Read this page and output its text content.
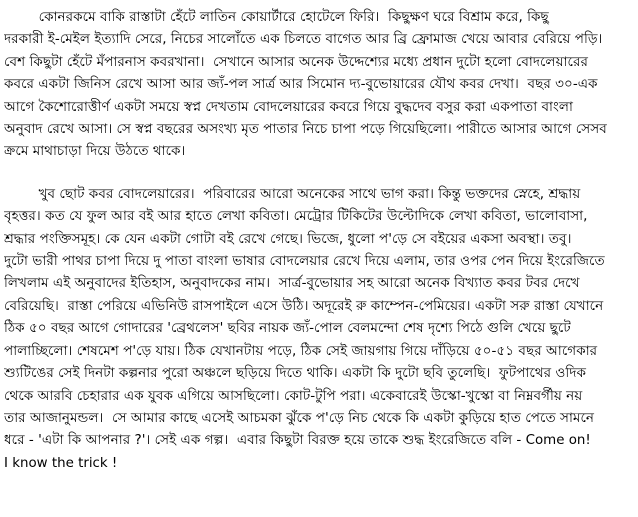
কোনরকমে বাকি রাস্তাটা হেঁটে লাতিন কোয়ার্টারে হোটেলে ফিরি।  কিছুক্ষণ ঘরে বিশ্রাম করে, কিছু
দরকারী ই-মেইল ইত্যাদি সেরে, নিচের সালোঁতে এক চিলতে বাগেত আর ব্রি ফ্রোমাজ খেয়ে আবার বেরিয়ে পড়ি।
বেশ কিছুটা হেঁটে মঁপারনাস কবরখানা।  সেখানে আসার অনেক উদ্দেশ্যের মধ্যে প্রধান দুটো হলো বোদলেয়ারের
কবরে একটা জিনিস রেখে আসা আর জ্যঁ-পল সার্ত্র আর সিমোন দ্য-বুভোয়ারের যৌথ কবর দেখা।  বছর ৩০-এক
আগে কৈশোরোত্তীর্ণ একটা সময়ে স্বপ্ন দেখতাম বোদলেয়ারের কবরে গিয়ে বুদ্ধদেব বসুর করা একপাতা বাংলা
অনুবাদ রেখে আসা। সে স্বপ্ন বছরের অসংখ্য মৃত পাতার নিচে চাপা পড়ে গিয়েছিলো। পারীতে আসার আগে সেসব
ক্রমে মাথাচাড়া দিয়ে উঠতে থাকে।

খুব ছোট কবর বোদলেয়ারের।  পরিবারের আরো অনেকের সাথে ভাগ করা। কিন্তু ভক্তদের স্নেহে, শ্রদ্ধায়
বৃহত্তর। কত যে ফুল আর বই আর হাতে লেখা কবিতা। মেট্রোর টিকিটের উল্টোদিকে লেখা কবিতা, ভালোবাসা,
শ্রদ্ধার পংক্তিসমূহ। কে যেন একটা গোটা বই রেখে গেছে। ভিজে, ধুলো প'ড়ে সে বইয়ের একসা অবস্থা। তবু।
দুটো ভারী পাথর চাপা দিয়ে দু পাতা বাংলা ভাষার বোদলেয়ার রেখে দিয়ে এলাম, তার ওপর পেন দিয়ে ইংরেজিতে
লিখলাম এই অনুবাদের ইতিহাস, অনুবাদকের নাম।  সার্ত্র-বুভোয়ার সহ আরো অনেক বিখ্যাত কবর টবর দেখে
বেরিয়েছি।  রাস্তা পেরিয়ে এভিনিউ রাসপাইলে এসে উঠি। অদূরেই রু কাম্পেন-পেমিয়ের। একটা সরু রাস্তা যেখানে
ঠিক ৫০ বছর আগে গোদারের 'ব্রেথলেস' ছবির নায়ক জ্যঁ-পোল বেলমন্দো শেষ দৃশ্যে পিঠে গুলি খেয়ে ছুটে
পালাচ্ছিলো। শেষমেশ প'ড়ে যায়। ঠিক যেখানটায় পড়ে, ঠিক সেই জায়গায় গিয়ে দাঁড়িয়ে ৫০-৫১ বছর আগেকার
শ্যুটিঙের সেই দিনটা কল্পনার পুরো অঞ্চলে ছড়িয়ে দিতে থাকি। একটা কি দুটো ছবি তুলেছি।  ফুটপাথের ওদিক
থেকে আরবি চেহারার এক যুবক এগিয়ে আসছিলো। কোট-টুপি পরা। একেবারেই উস্কো-খুস্কো বা নিম্নবর্গীয় নয়
তার আজানুমন্ডল।  সে আমার কাছে এসেই আচমকা ঝুঁকে প'ড়ে নিচ থেকে কি একটা কুড়িয়ে হাত পেতে সামনে
ধরে - 'এটা কি আপনার ?'। সেই এক গল্প।  এবার কিছুটা বিরক্ত হয়ে তাকে শুদ্ধ ইংরেজিতে বলি - Come on!
I know the trick !
